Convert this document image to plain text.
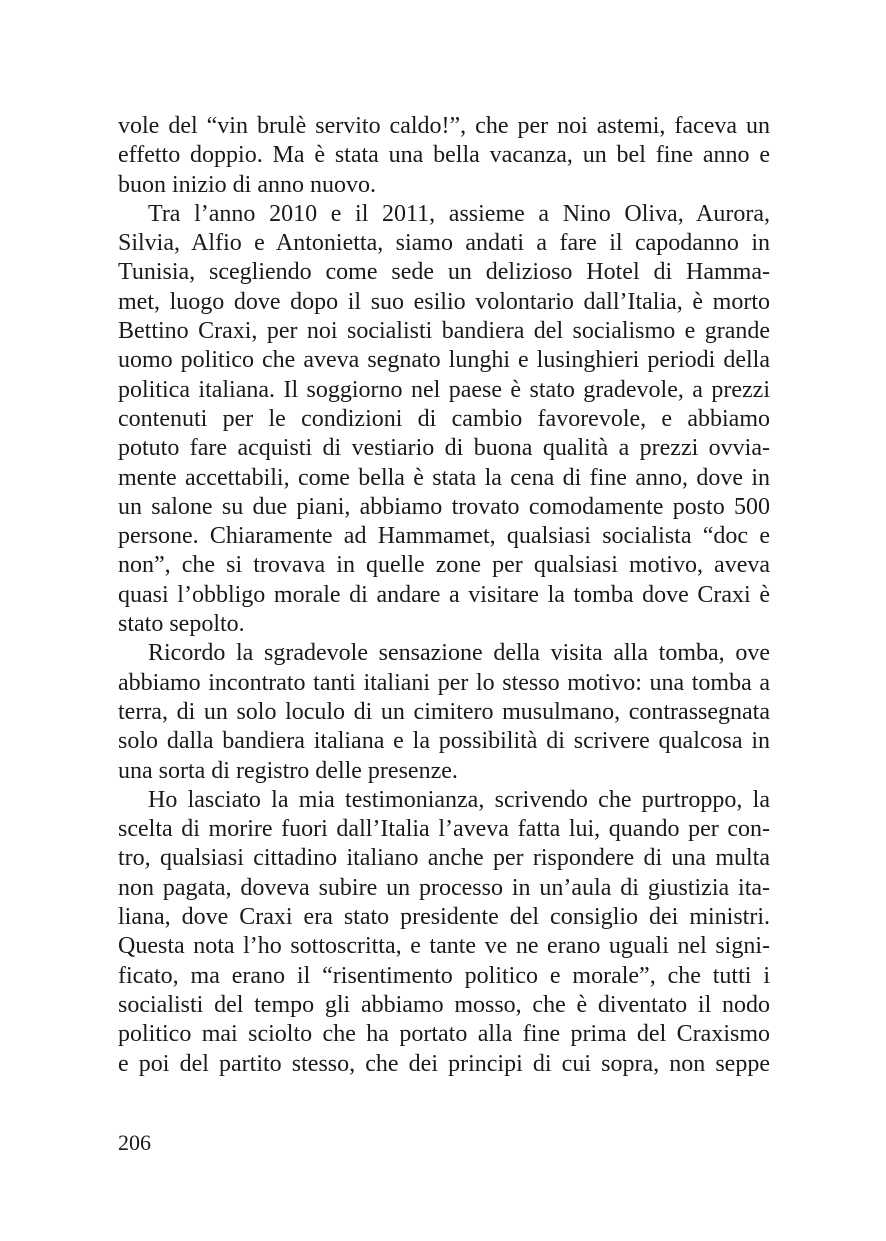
vole del “vin brulè servito caldo!”, che per noi astemi, faceva un
effetto doppio. Ma è stata una bella vacanza, un bel fine anno e
buon inizio di anno nuovo.
Tra l’anno 2010 e il 2011, assieme a Nino Oliva, Aurora,
Silvia, Alfio e Antonietta, siamo andati a fare il capodanno in
Tunisia, scegliendo come sede un delizioso Hotel di Hamma-
met, luogo dove dopo il suo esilio volontario dall’Italia, è morto
Bettino Craxi, per noi socialisti bandiera del socialismo e grande
uomo politico che aveva segnato lunghi e lusinghieri periodi della
politica italiana. Il soggiorno nel paese è stato gradevole, a prezzi
contenuti per le condizioni di cambio favorevole, e abbiamo
potuto fare acquisti di vestiario di buona qualità a prezzi ovvia-
mente accettabili, come bella è stata la cena di fine anno, dove in
un salone su due piani, abbiamo trovato comodamente posto 500
persone. Chiaramente ad Hammamet, qualsiasi socialista “doc e
non”, che si trovava in quelle zone per qualsiasi motivo, aveva
quasi l’obbligo morale di andare a visitare la tomba dove Craxi è
stato sepolto.
Ricordo la sgradevole sensazione della visita alla tomba, ove
abbiamo incontrato tanti italiani per lo stesso motivo: una tomba a
terra, di un solo loculo di un cimitero musulmano, contrassegnata
solo dalla bandiera italiana e la possibilità di scrivere qualcosa in
una sorta di registro delle presenze.
Ho lasciato la mia testimonianza, scrivendo che purtroppo, la
scelta di morire fuori dall’Italia l’aveva fatta lui, quando per con-
tro, qualsiasi cittadino italiano anche per rispondere di una multa
non pagata, doveva subire un processo in un’aula di giustizia ita-
liana, dove Craxi era stato presidente del consiglio dei ministri.
Questa nota l’ho sottoscritta, e tante ve ne erano uguali nel signi-
ficato, ma erano il “risentimento politico e morale”, che tutti i
socialisti del tempo gli abbiamo mosso, che è diventato il nodo
politico mai sciolto che ha portato alla fine prima del Craxismo
e poi del partito stesso, che dei principi di cui sopra, non seppe
206
